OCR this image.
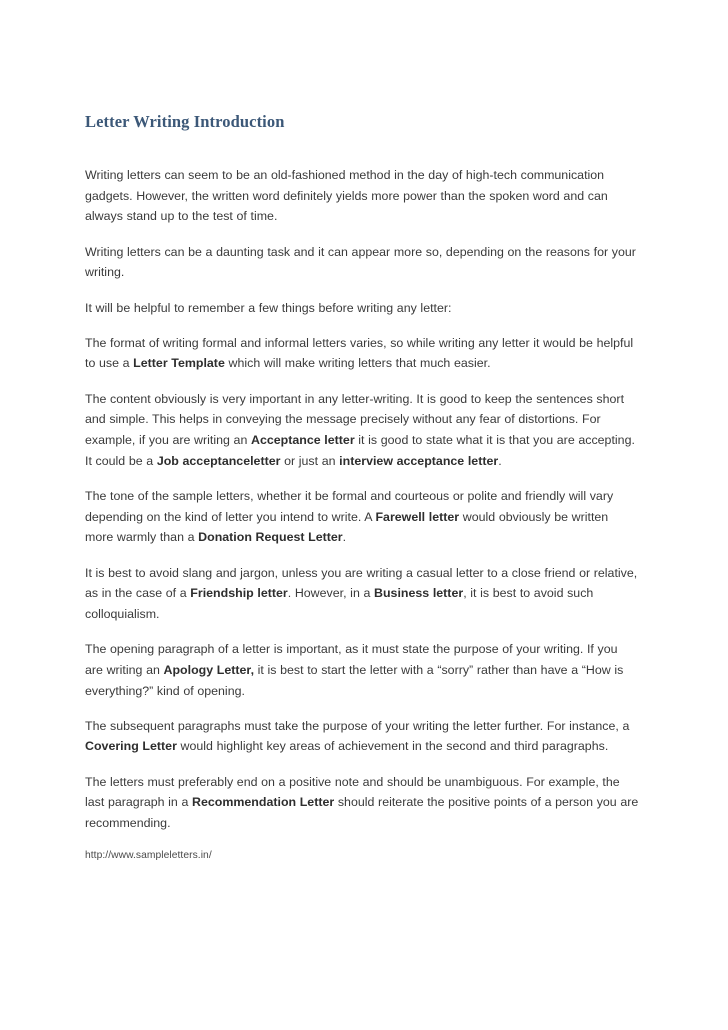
Letter Writing Introduction

Writing letters can seem to be an old-fashioned method in the day of high-tech communication gadgets. However, the written word definitely yields more power than the spoken word and can always stand up to the test of time.

Writing letters can be a daunting task and it can appear more so, depending on the reasons for your writing.

It will be helpful to remember a few things before writing any letter:

The format of writing formal and informal letters varies, so while writing any letter it would be helpful to use a Letter Template which will make writing letters that much easier.

The content obviously is very important in any letter-writing. It is good to keep the sentences short and simple. This helps in conveying the message precisely without any fear of distortions. For example, if you are writing an Acceptance letter it is good to state what it is that you are accepting. It could be a Job acceptanceletter or just an interview acceptance letter.

The tone of the sample letters, whether it be formal and courteous or polite and friendly will vary depending on the kind of letter you intend to write. A Farewell letter would obviously be written more warmly than a Donation Request Letter.

It is best to avoid slang and jargon, unless you are writing a casual letter to a close friend or relative, as in the case of a Friendship letter. However, in a Business letter, it is best to avoid such colloquialism.

The opening paragraph of a letter is important, as it must state the purpose of your writing. If you are writing an Apology Letter, it is best to start the letter with a “sorry” rather than have a “How is everything?” kind of opening.

The subsequent paragraphs must take the purpose of your writing the letter further. For instance, a Covering Letter would highlight key areas of achievement in the second and third paragraphs.

The letters must preferably end on a positive note and should be unambiguous. For example, the last paragraph in a Recommendation Letter should reiterate the positive points of a person you are recommending.

http://www.sampleletters.in/
